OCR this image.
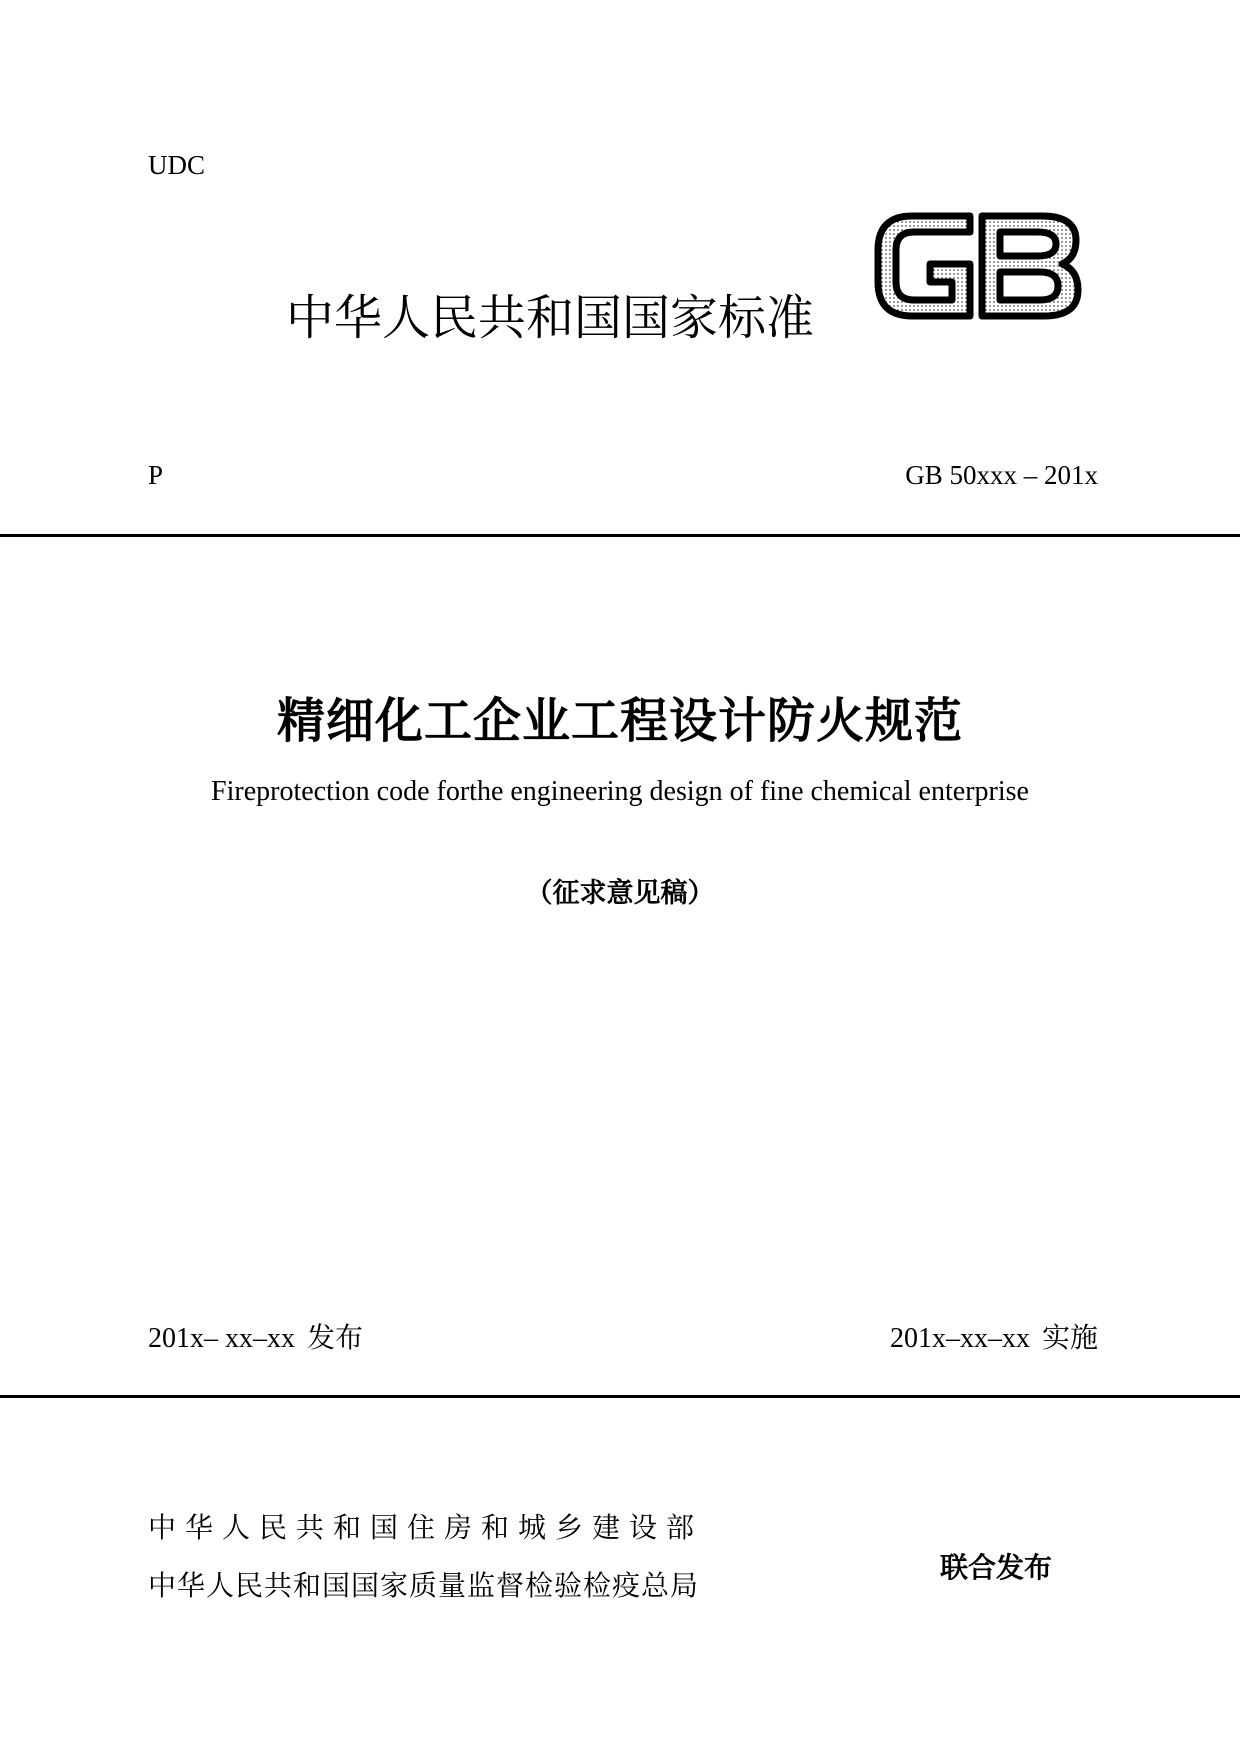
UDC
中华人民共和国国家标准
P	GB 50xxx – 201x
精细化工企业工程设计防火规范
Fireprotection code forthe engineering design of fine chemical enterprise
（征求意见稿）
201x– xx–xx 发布	201x–xx–xx 实施
中华人民共和国住房和城乡建设部
中华人民共和国国家质量监督检验检疫总局
联合发布
